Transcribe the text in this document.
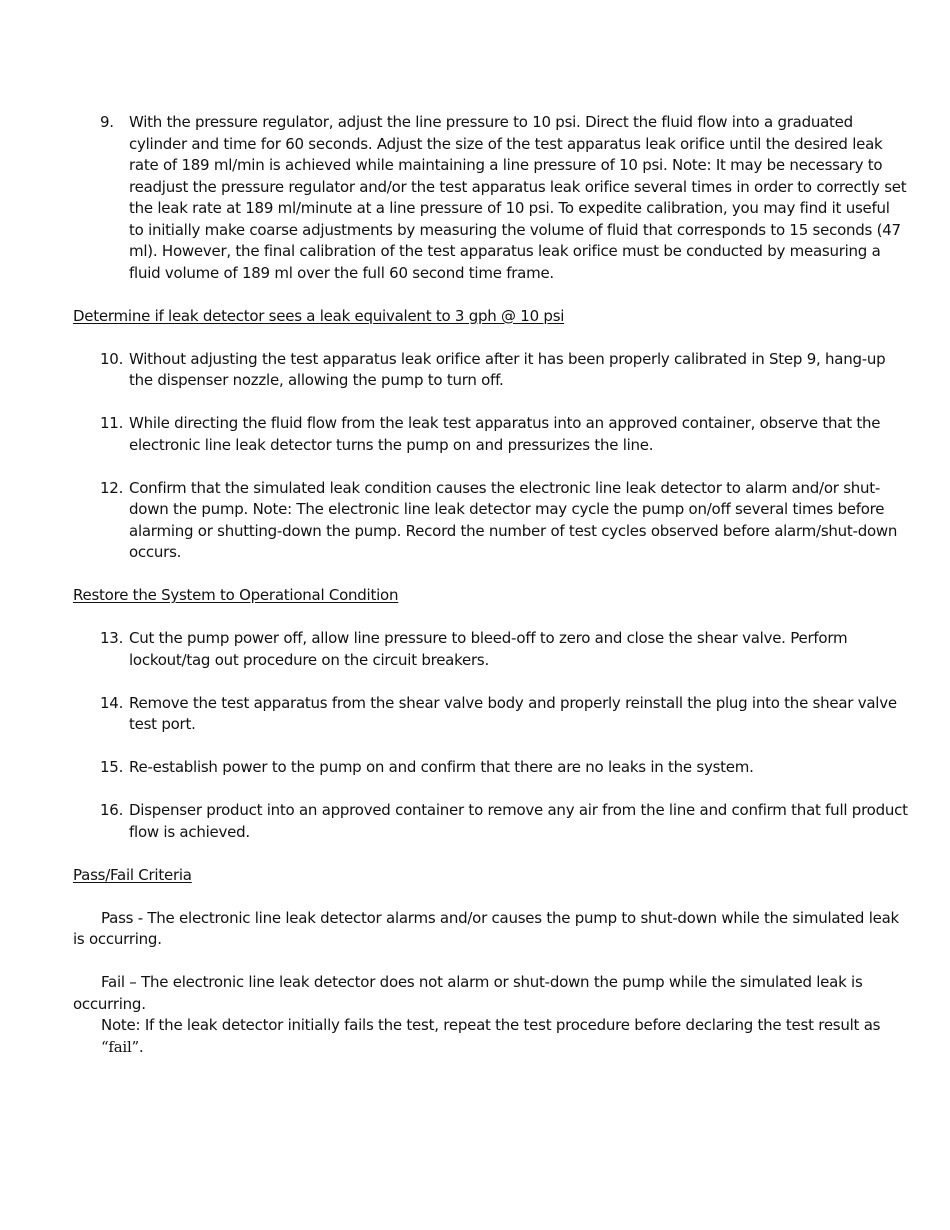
9. With the pressure regulator, adjust the line pressure to 10 psi. Direct the fluid flow into a graduated cylinder and time for 60 seconds. Adjust the size of the test apparatus leak orifice until the desired leak rate of 189 ml/min is achieved while maintaining a line pressure of 10 psi. Note: It may be necessary to readjust the pressure regulator and/or the test apparatus leak orifice several times in order to correctly set the leak rate at 189 ml/minute at a line pressure of 10 psi. To expedite calibration, you may find it useful to initially make coarse adjustments by measuring the volume of fluid that corresponds to 15 seconds (47 ml). However, the final calibration of the test apparatus leak orifice must be conducted by measuring a fluid volume of 189 ml over the full 60 second time frame.

Determine if leak detector sees a leak equivalent to 3 gph @ 10 psi

10. Without adjusting the test apparatus leak orifice after it has been properly calibrated in Step 9, hang-up the dispenser nozzle, allowing the pump to turn off.
11. While directing the fluid flow from the leak test apparatus into an approved container, observe that the electronic line leak detector turns the pump on and pressurizes the line.
12. Confirm that the simulated leak condition causes the electronic line leak detector to alarm and/or shut-down the pump. Note: The electronic line leak detector may cycle the pump on/off several times before alarming or shutting-down the pump. Record the number of test cycles observed before alarm/shut-down occurs.

Restore the System to Operational Condition

13. Cut the pump power off, allow line pressure to bleed-off to zero and close the shear valve. Perform lockout/tag out procedure on the circuit breakers.
14. Remove the test apparatus from the shear valve body and properly reinstall the plug into the shear valve test port.
15. Re-establish power to the pump on and confirm that there are no leaks in the system.
16. Dispenser product into an approved container to remove any air from the line and confirm that full product flow is achieved.

Pass/Fail Criteria

Pass - The electronic line leak detector alarms and/or causes the pump to shut-down while the simulated leak is occurring.

Fail – The electronic line leak detector does not alarm or shut-down the pump while the simulated leak is occurring.

Note: If the leak detector initially fails the test, repeat the test procedure before declaring the test result as “fail”.
